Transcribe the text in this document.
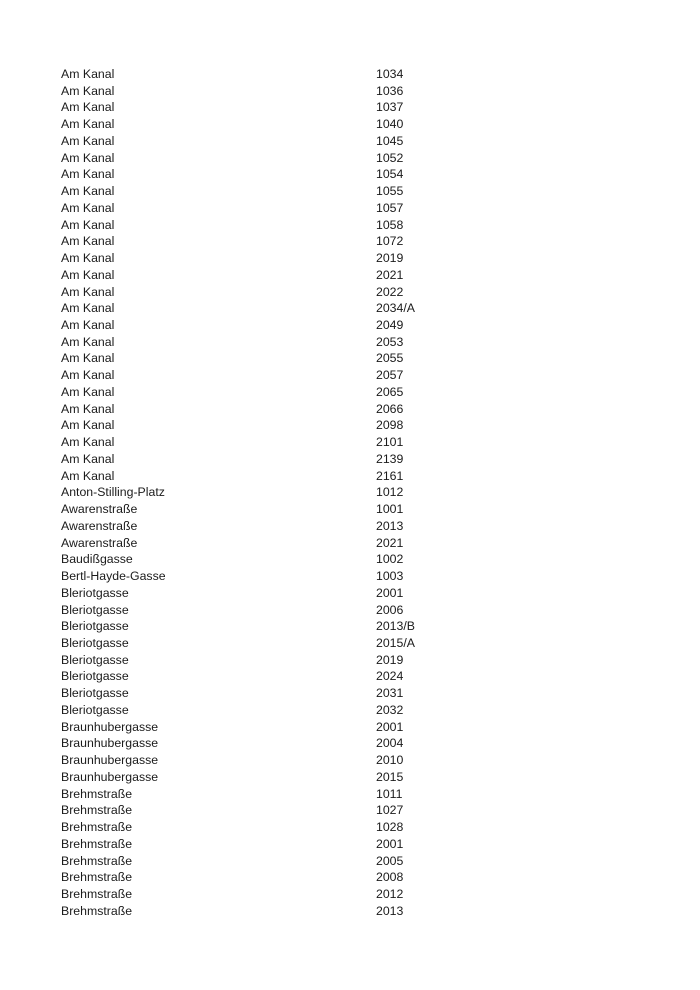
Am Kanal	1034
Am Kanal	1036
Am Kanal	1037
Am Kanal	1040
Am Kanal	1045
Am Kanal	1052
Am Kanal	1054
Am Kanal	1055
Am Kanal	1057
Am Kanal	1058
Am Kanal	1072
Am Kanal	2019
Am Kanal	2021
Am Kanal	2022
Am Kanal	2034/A
Am Kanal	2049
Am Kanal	2053
Am Kanal	2055
Am Kanal	2057
Am Kanal	2065
Am Kanal	2066
Am Kanal	2098
Am Kanal	2101
Am Kanal	2139
Am Kanal	2161
Anton-Stilling-Platz	1012
Awarenstraße	1001
Awarenstraße	2013
Awarenstraße	2021
Baudißgasse	1002
Bertl-Hayde-Gasse	1003
Bleriotgasse	2001
Bleriotgasse	2006
Bleriotgasse	2013/B
Bleriotgasse	2015/A
Bleriotgasse	2019
Bleriotgasse	2024
Bleriotgasse	2031
Bleriotgasse	2032
Braunhubergasse	2001
Braunhubergasse	2004
Braunhubergasse	2010
Braunhubergasse	2015
Brehmstraße	1011
Brehmstraße	1027
Brehmstraße	1028
Brehmstraße	2001
Brehmstraße	2005
Brehmstraße	2008
Brehmstraße	2012
Brehmstraße	2013
